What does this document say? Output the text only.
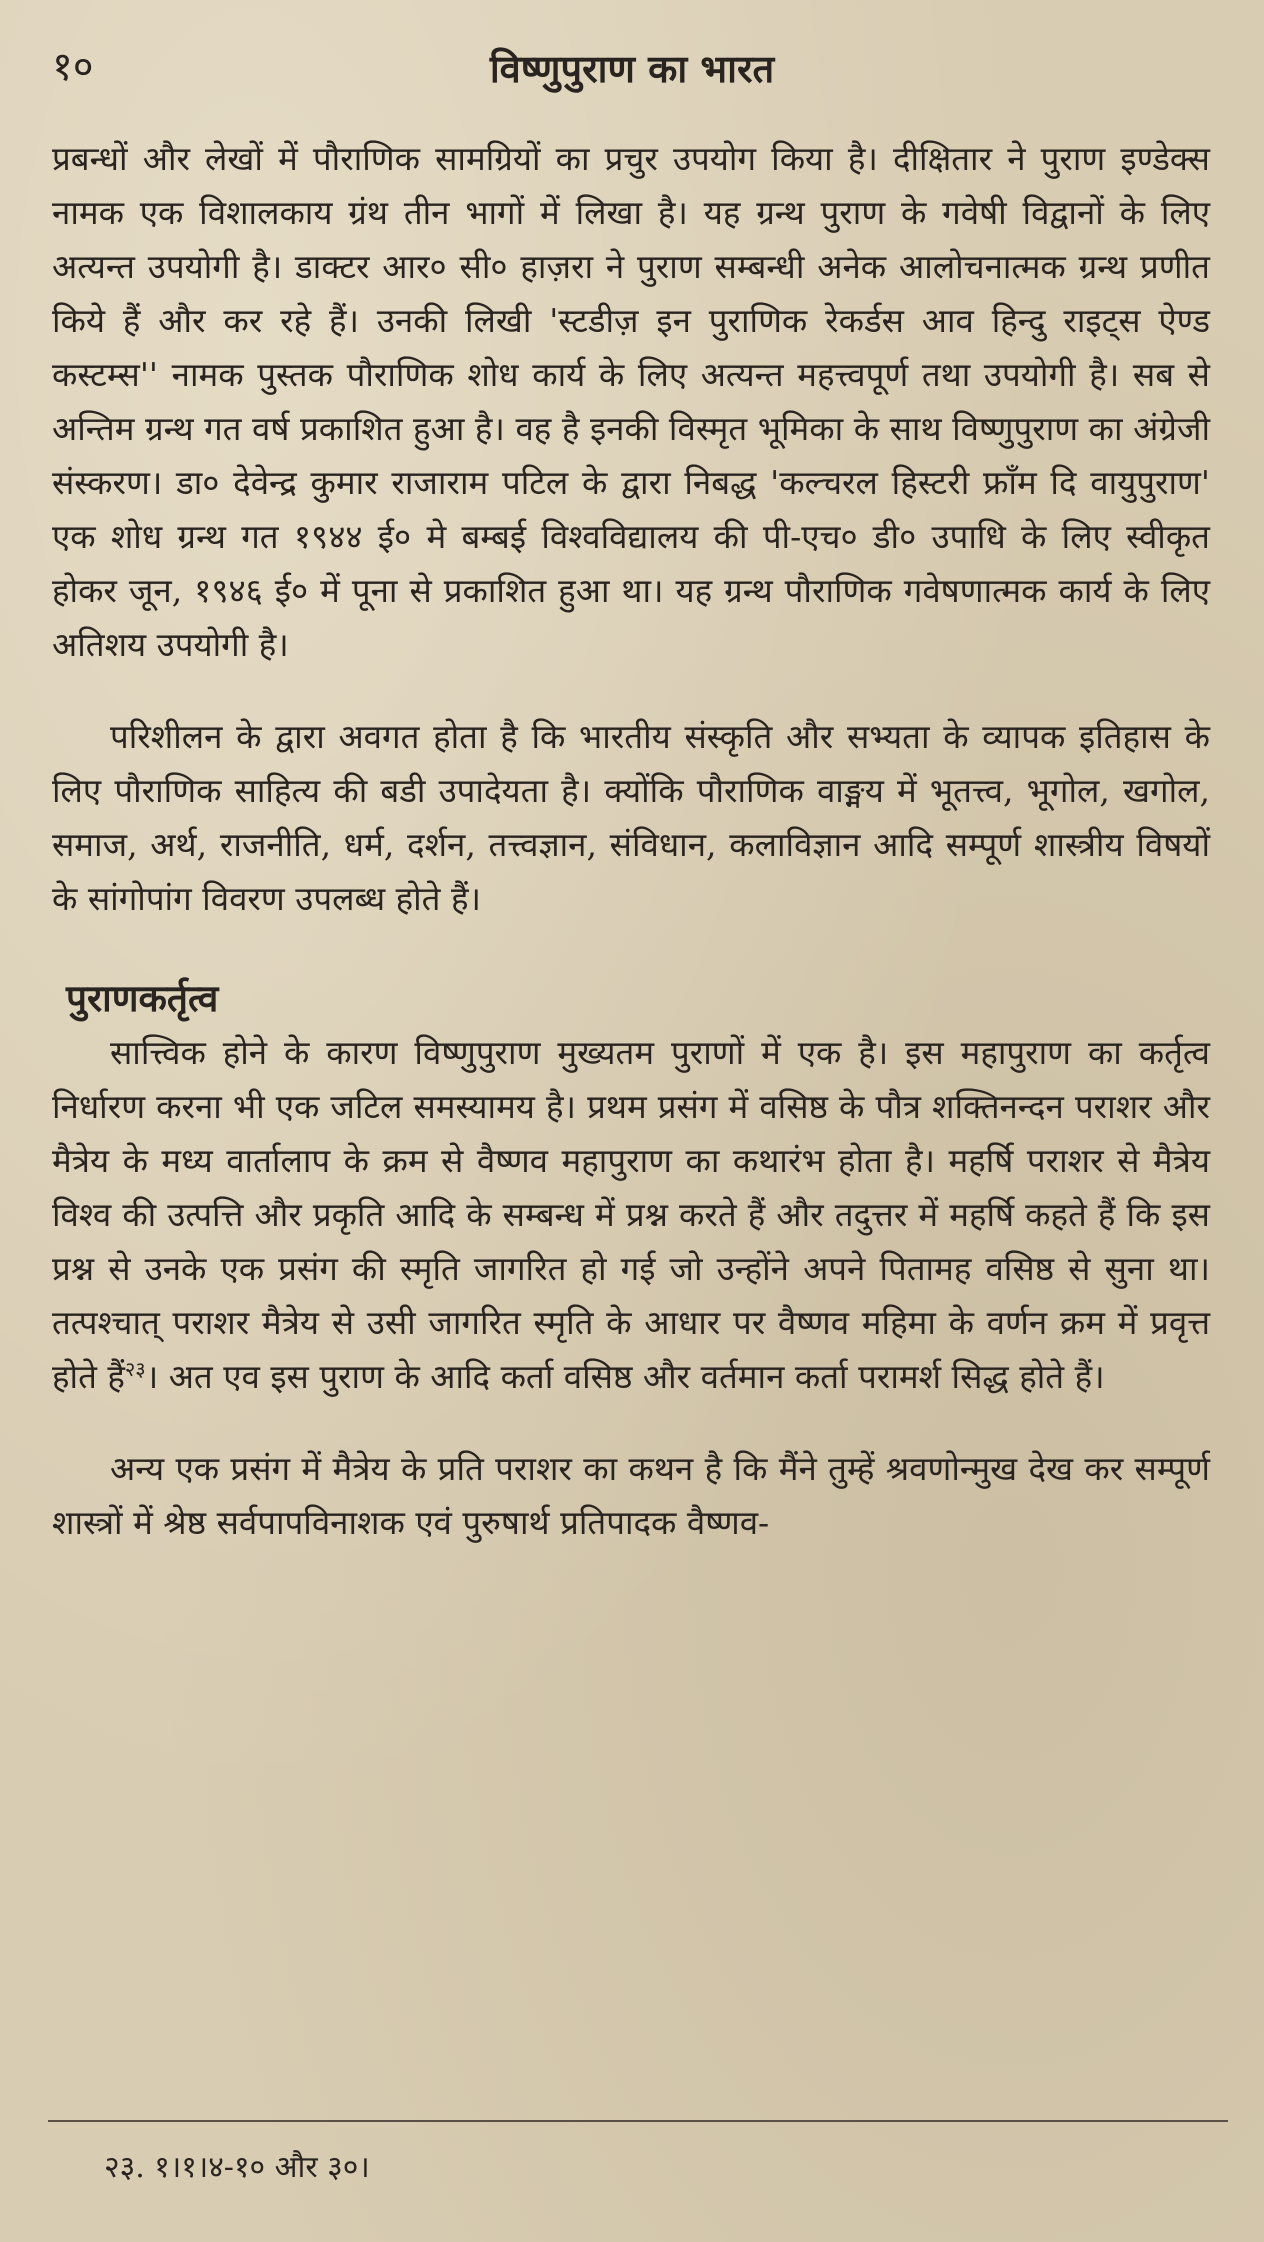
१०	विष्णुपुराण का भारत

प्रबन्धों और लेखों में पौराणिक सामग्रियों का प्रचुर उपयोग किया है। दीक्षितार ने पुराण इण्डेक्स नामक एक विशालकाय ग्रंथ तीन भागों में लिखा है। यह ग्रन्थ पुराण के गवेषी विद्वानों के लिए अत्यन्त उपयोगी है। डाक्टर आर० सी० हाज़रा ने पुराण सम्बन्धी अनेक आलोचनात्मक ग्रन्थ प्रणीत किये हैं और कर रहे हैं। उनकी लिखी 'स्टडीज़ इन पुराणिक रेकर्डस आव हिन्दु राइट्स ऐण्ड कस्टम्स'' नामक पुस्तक पौराणिक शोध कार्य के लिए अत्यन्त महत्त्वपूर्ण तथा उपयोगी है। सब से अन्तिम ग्रन्थ गत वर्ष प्रकाशित हुआ है। वह है इनकी विस्मृत भूमिका के साथ विष्णुपुराण का अंग्रेजी संस्करण। डा० देवेन्द्र कुमार राजाराम पटिल के द्वारा निबद्ध 'कल्चरल हिस्टरी फ्राँम दि वायुपुराण' एक शोध ग्रन्थ गत १९४४ ई० मे बम्बई विश्वविद्यालय की पी-एच० डी० उपाधि के लिए स्वीकृत होकर जून, १९४६ ई० में पूना से प्रकाशित हुआ था। यह ग्रन्थ पौराणिक गवेषणात्मक कार्य के लिए अतिशय उपयोगी है।

परिशीलन के द्वारा अवगत होता है कि भारतीय संस्कृति और सभ्यता के व्यापक इतिहास के लिए पौराणिक साहित्य की बडी उपादेयता है। क्योंकि पौराणिक वाङ्मय में भूतत्त्व, भूगोल, खगोल, समाज, अर्थ, राजनीति, धर्म, दर्शन, तत्त्वज्ञान, संविधान, कलाविज्ञान आदि सम्पूर्ण शास्त्रीय विषयों के सांगोपांग विवरण उपलब्ध होते हैं।

पुराणकर्तृत्व

सात्त्विक होने के कारण विष्णुपुराण मुख्यतम पुराणों में एक है। इस महापुराण का कर्तृत्व निर्धारण करना भी एक जटिल समस्यामय है। प्रथम प्रसंग में वसिष्ठ के पौत्र शक्तिनन्दन पराशर और मैत्रेय के मध्य वार्तालाप के क्रम से वैष्णव महापुराण का कथारंभ होता है। महर्षि पराशर से मैत्रेय विश्व की उत्पत्ति और प्रकृति आदि के सम्बन्ध में प्रश्न करते हैं और तदुत्तर में महर्षि कहते हैं कि इस प्रश्न से उनके एक प्रसंग की स्मृति जागरित हो गई जो उन्होंने अपने पितामह वसिष्ठ से सुना था। तत्पश्चात् पराशर मैत्रेय से उसी जागरित स्मृति के आधार पर वैष्णव महिमा के वर्णन क्रम में प्रवृत्त होते हैं$^{२३}$। अत एव इस पुराण के आदि कर्ता वसिष्ठ और वर्तमान कर्ता परामर्श सिद्ध होते हैं।

अन्य एक प्रसंग में मैत्रेय के प्रति पराशर का कथन है कि मैंने तुम्हें श्रवणोन्मुख देख कर सम्पूर्ण शास्त्रों में श्रेष्ठ सर्वपापविनाशक एवं पुरुषार्थ प्रतिपादक वैष्णव-

२३. १।१।४-१० और ३०।
